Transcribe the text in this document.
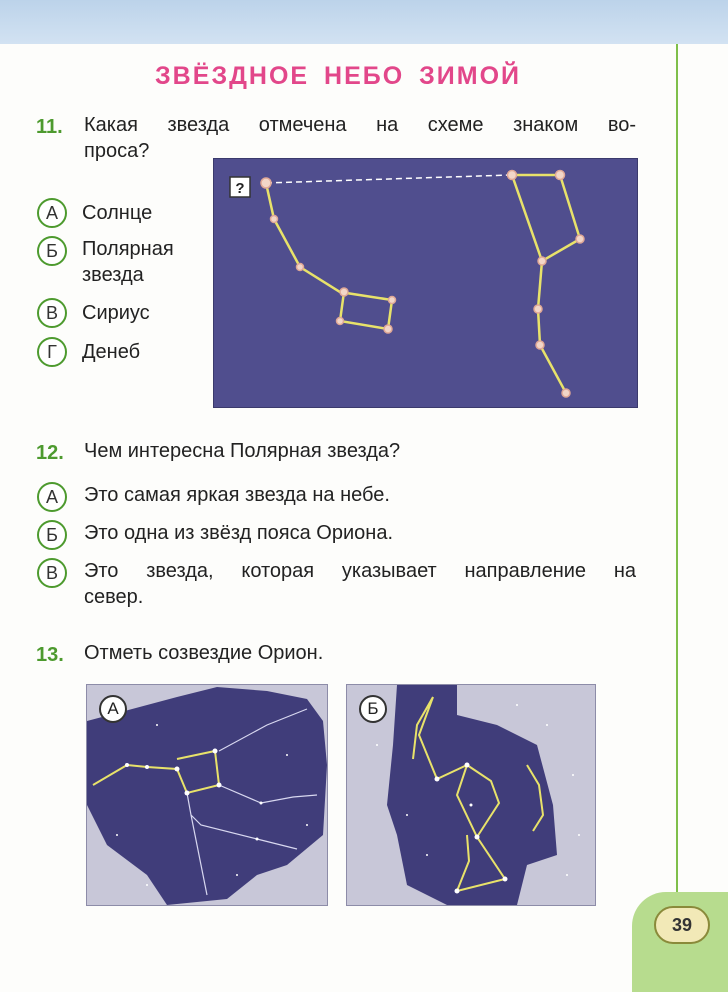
39
ЗВЁЗДНОЕ НЕБО ЗИМОЙ
11. Какая звезда отмечена на схеме знаком во-
проса?
А	Солнце
Б	Полярная
звезда
В	Сириус
Г	Денеб
?
12. Чем интересна Полярная звезда?
А	Это самая яркая звезда на небе.
Б	Это одна из звёзд пояса Ориона.
В	Это звезда, которая указывает направление на
север.
13. Отметь созвездие Орион.
А	Б
